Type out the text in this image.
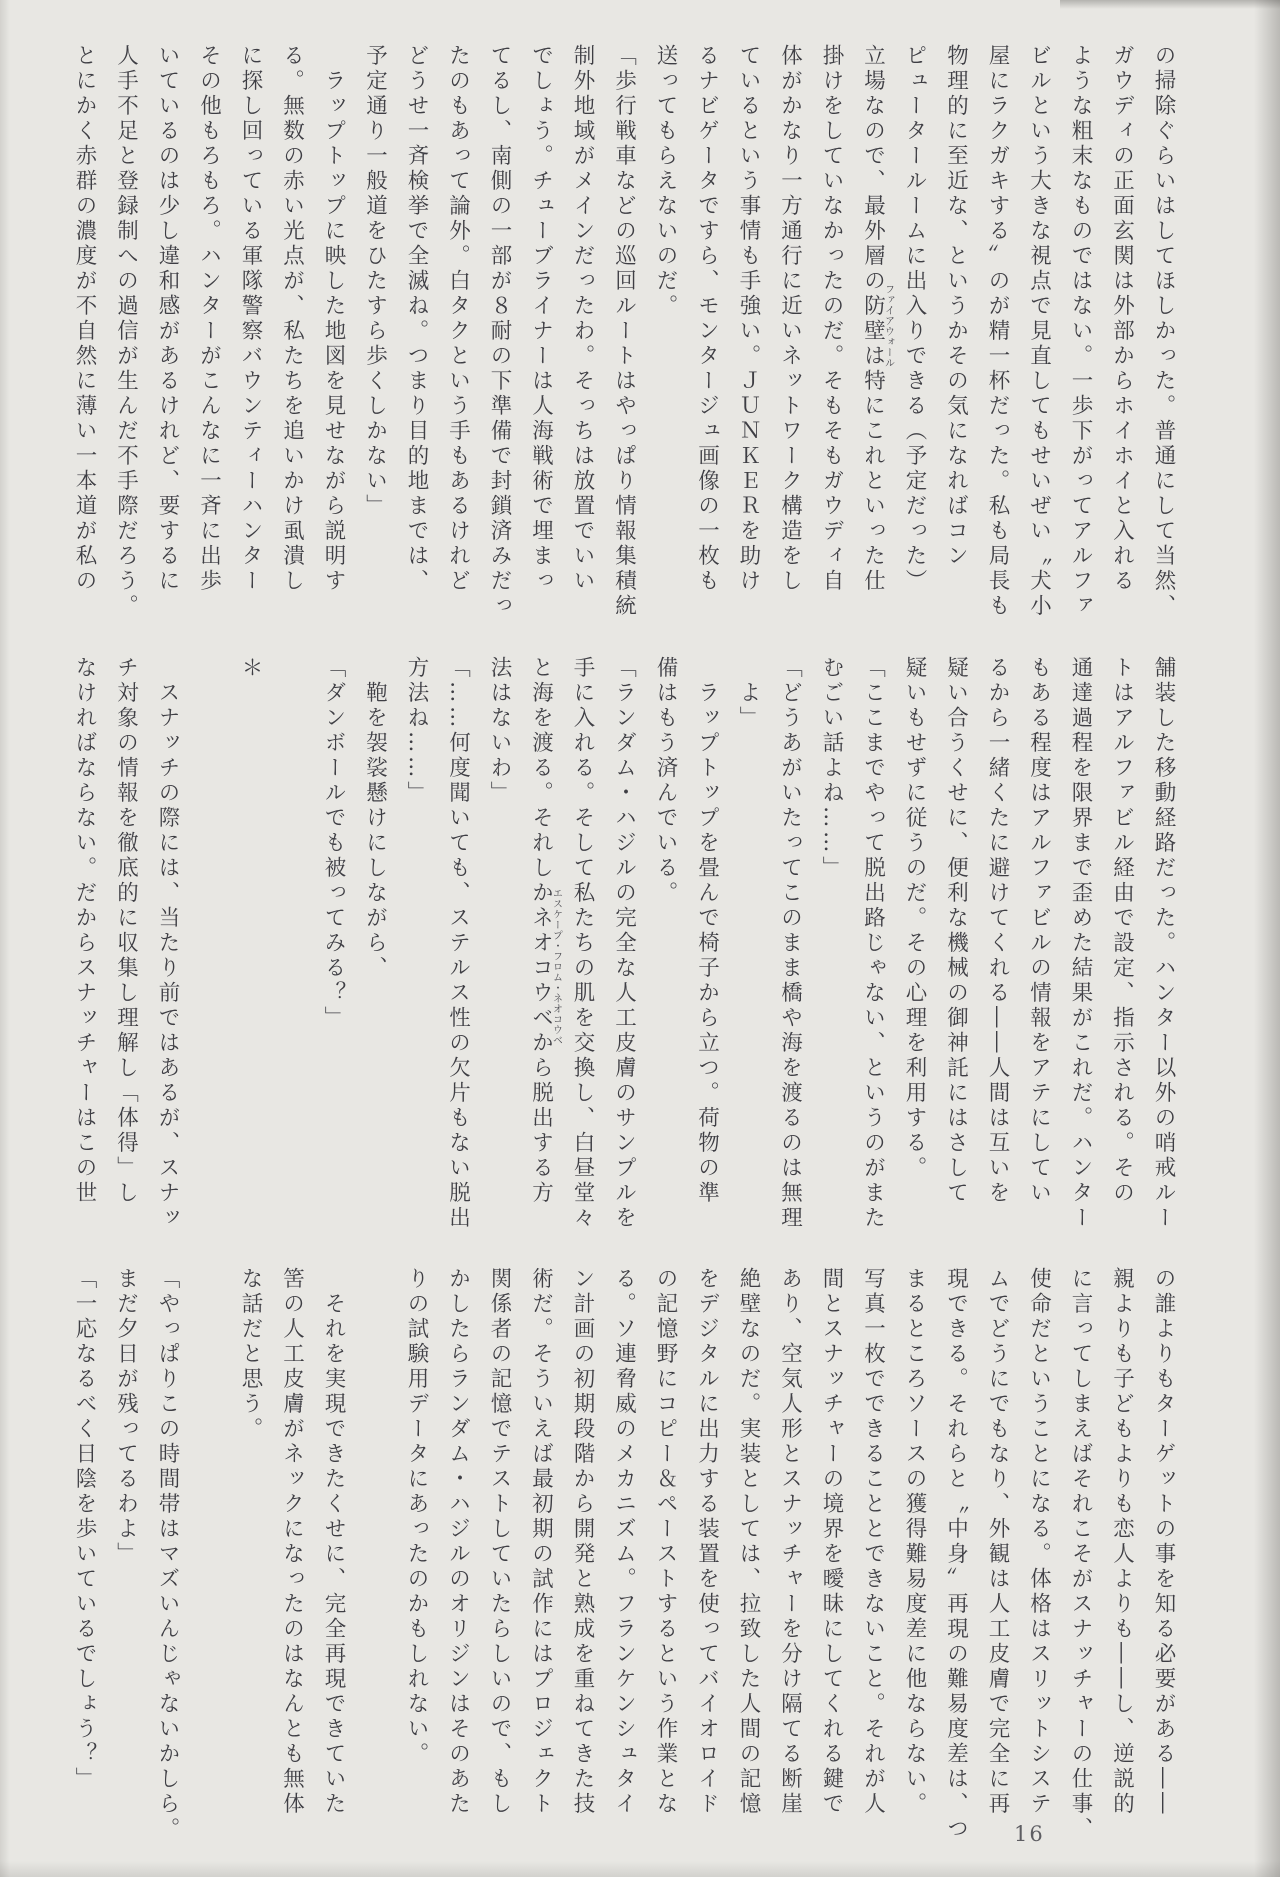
の掃除ぐらいはしてほしかった。普通にして当然、
ガウディの正面玄関は外部からホイホイと入れる
ような粗末なものではない。一歩下がってアルファ
ビルという大きな視点で見直してもせいぜい〝犬小
屋にラクガキする〟のが精一杯だった。私も局長も
物理的に至近な、というかその気になればコン
ピュータールームに出入りできる（予定だった）
立場なので、最外層の防壁は特にこれといった仕
ファイアウォール
掛けをしていなかったのだ。そもそもガウディ自
体がかなり一方通行に近いネットワーク構造をし
ているという事情も手強い。ＪＵＮＫＥＲを助け
るナビゲータですら、モンタージュ画像の一枚も
送ってもらえないのだ。
「歩行戦車などの巡回ルートはやっぱり情報集積統
制外地域がメインだったわ。そっちは放置でいい
でしょう。チューブライナーは人海戦術で埋まっ
てるし、南側の一部が８耐の下準備で封鎖済みだっ
たのもあって論外。白タクという手もあるけれど
どうせ一斉検挙で全滅ね。つまり目的地までは、
予定通り一般道をひたすら歩くしかない」
ラップトップに映した地図を見せながら説明す
る。無数の赤い光点が、私たちを追いかけ虱潰し
に探し回っている軍隊警察バウンティーハンター
その他もろもろ。ハンターがこんなに一斉に出歩
いているのは少し違和感があるけれど、要するに
人手不足と登録制への過信が生んだ不手際だろう。
とにかく赤群の濃度が不自然に薄い一本道が私の
舗装した移動経路だった。ハンター以外の哨戒ルー
トはアルファビル経由で設定、指示される。その
通達過程を限界まで歪めた結果がこれだ。ハンター
もある程度はアルファビルの情報をアテにしてい
るから一緒くたに避けてくれる――人間は互いを
疑い合うくせに、便利な機械の御神託にはさして
疑いもせずに従うのだ。その心理を利用する。
「ここまでやって脱出路じゃない、というのがまた
むごい話よね……」
「どうあがいたってこのまま橋や海を渡るのは無理
よ」
ラップトップを畳んで椅子から立つ。荷物の準
備はもう済んでいる。
「ランダム・ハジルの完全な人工皮膚のサンプルを
手に入れる。そして私たちの肌を交換し、白昼堂々
と海を渡る。それしかネオコウベから脱出する方
エスケープ・フロム・ネオコウベ
法はないわ」
「……何度聞いても、ステルス性の欠片もない脱出
方法ね……」
鞄を袈裟懸けにしながら、
「ダンボールでも被ってみる？」
＊
スナッチの際には、当たり前ではあるが、スナッ
チ対象の情報を徹底的に収集し理解し「体得」し
なければならない。だからスナッチャーはこの世
の誰よりもターゲットの事を知る必要がある――
親よりも子どもよりも恋人よりも――し、逆説的
に言ってしまえばそれこそがスナッチャーの仕事、
使命だということになる。体格はスリットシステ
ムでどうにでもなり、外観は人工皮膚で完全に再
現できる。それらと〝中身〟再現の難易度差は、つ
まるところソースの獲得難易度差に他ならない。
写真一枚でできることとできないこと。それが人
間とスナッチャーの境界を曖昧にしてくれる鍵で
あり、空気人形とスナッチャーを分け隔てる断崖
絶壁なのだ。実装としては、拉致した人間の記憶
をデジタルに出力する装置を使ってバイオロイド
の記憶野にコピー＆ペーストするという作業とな
る。ソ連脅威のメカニズム。フランケンシュタイ
ン計画の初期段階から開発と熟成を重ねてきた技
術だ。そういえば最初期の試作にはプロジェクト
関係者の記憶でテストしていたらしいので、もし
かしたらランダム・ハジルのオリジンはそのあた
りの試験用データにあったのかもしれない。
それを実現できたくせに、完全再現できていた
筈の人工皮膚がネックになったのはなんとも無体
な話だと思う。
「やっぱりこの時間帯はマズいんじゃないかしら。
まだ夕日が残ってるわよ」
「一応なるべく日陰を歩いているでしょう？」
16
